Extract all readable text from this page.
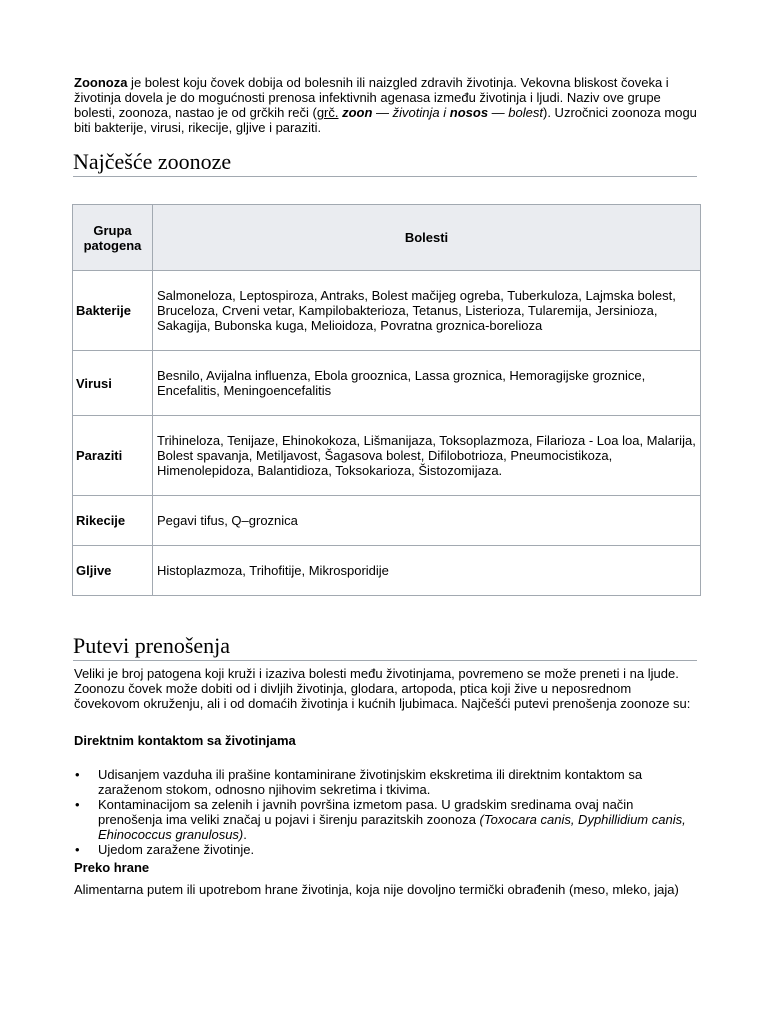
Zoonoza je bolest koju čovek dobija od bolesnih ili naizgled zdravih životinja. Vekovna bliskost čoveka i životinja dovela je do mogućnosti prenosa infektivnih agenasa između životinja i ljudi. Naziv ove grupe bolesti, zoonoza, nastao je od grčkih reči (grč. zoon — životinja i nosos — bolest). Uzročnici zoonoza mogu biti bakterije, virusi, rikecije, gljive i paraziti.

Najčešće zoonoze
Grupa patogena	Bolesti
Bakterije	Salmoneloza, Leptospiroza, Antraks, Bolest mačijeg ogreba, Tuberkuloza, Lajmska bolest, Bruceloza, Crveni vetar, Kampilobakterioza, Tetanus, Listerioza, Tularemija, Jersinioza, Sakagija, Bubonska kuga, Melioidoza, Povratna groznica-borelioza
Virusi	Besnilo, Avijalna influenza, Ebola grooznica, Lassa groznica, Hemoragijske groznice, Encefalitis, Meningoencefalitis
Paraziti	Trihineloza, Tenijaze, Ehinokokoza, Lišmanijaza, Toksoplazmoza, Filarioza - Loa loa, Malarija, Bolest spavanja, Metiljavost, Šagasova bolest, Difilobotrioza, Pneumocistikoza, Himenolepidoza, Balantidioza, Toksokarioza, Šistozomijaza.
Rikecije	Pegavi tifus, Q–groznica
Gljive	Histoplazmoza, Trihofitije, Mikrosporidije
Putevi prenošenja

Veliki je broj patogena koji kruži i izaziva bolesti među životinjama, povremeno se može preneti i na ljude. Zoonozu čovek može dobiti od i divljih životinja, glodara, artopoda, ptica koji žive u neposrednom čovekovom okruženju, ali i od domaćih životinja i kućnih ljubimaca. Najčešći putevi prenošenja zoonoze su:

Direktnim kontaktom sa životinjama

• Udisanjem vazduha ili prašine kontaminirane životinjskim ekskretima ili direktnim kontaktom sa zaraženom stokom, odnosno njihovim sekretima i tkivima.
• Kontaminacijom sa zelenih i javnih površina izmetom pasa. U gradskim sredinama ovaj način prenošenja ima veliki značaj u pojavi i širenju parazitskih zoonoza (Toxocara canis, Dyphillidium canis, Ehinococcus granulosus).
• Ujedom zaražene životinje.

Preko hrane

Alimentarna putem ili upotrebom hrane životinja, koja nije dovoljno termički obrađenih (meso, mleko, jaja)
